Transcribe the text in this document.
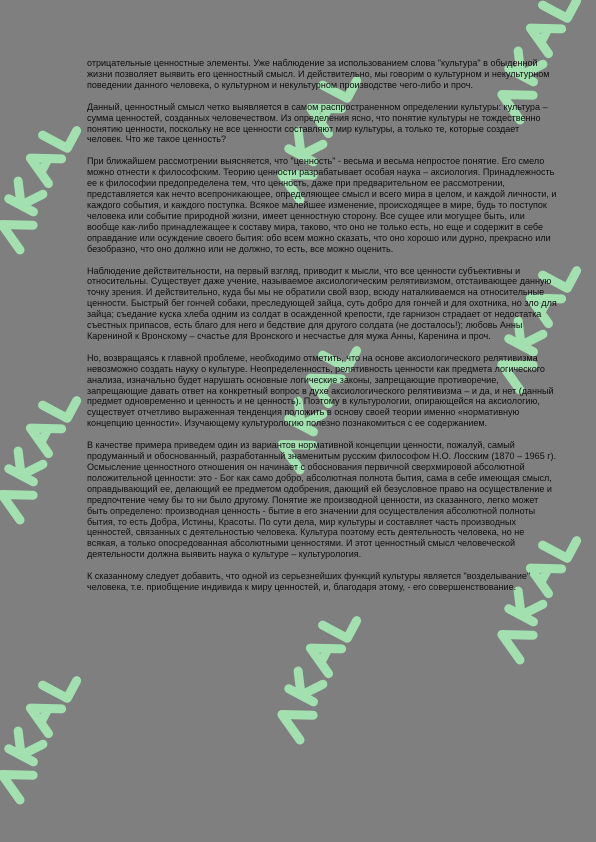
отрицательные ценностные элементы. Уже наблюдение за использованием слова "культура" в обыденной жизни позволяет выявить его ценностный смысл. И действительно, мы говорим о культурном и некультурном поведении данного человека, о культурном и некультурном производстве чего-либо и проч.

Данный, ценностный смысл четко выявляется в самом распространенном определении культуры: культура – сумма ценностей, созданных человечеством. Из определения ясно, что понятие культуры не тождественно понятию ценности, поскольку не все ценности составляют мир культуры, а только те, которые создает человек. Что же такое ценность?

При ближайшем рассмотрении выясняется, что "ценность" - весьма и весьма непростое понятие. Его смело можно отнести к философским. Теорию ценности разрабатывает особая наука – аксиология. Принадлежность ее к философии предопределена тем, что ценность, даже при предварительном ее рассмотрении, представляется как нечто всепроникающее, определяющее смысл и всего мира в целом, и каждой личности, и каждого события, и каждого поступка. Всякое малейшее изменение, происходящее в мире, будь то поступок человека или событие природной жизни, имеет ценностную сторону. Все сущее или могущее быть, или вообще как-либо принадлежащее к составу мира, таково, что оно не только есть, но еще и содержит в себе оправдание или осуждение своего бытия: обо всем можно сказать, что оно хорошо или дурно, прекрасно или безобразно, что оно должно или не должно, то есть, все можно оценить.

Наблюдение действительности, на первый взгляд, приводит к мысли, что все ценности субъективны и относительны. Существует даже учение, называемое аксиологическим релятивизмом, отстаивающее данную точку зрения. И действительно, куда бы мы не обратили свой взор, всюду наталкиваемся на относительные ценности. Быстрый бег гончей собаки, преследующей зайца, суть добро для гончей и для охотника, но зло для зайца; съедание куска хлеба одним из солдат в осажденной крепости, где гарнизон страдает от недостатка съестных припасов, есть благо для него и бедствие для другого солдата (не досталось!); любовь Анны Карениной к Вронскому – счастье для Вронского и несчастье для мужа Анны, Каренина и проч.

Но, возвращаясь к главной проблеме, необходимо отметить, что на основе аксиологического релятивизма невозможно создать науку о культуре. Неопределенность, релятивность ценности как предмета логического анализа, изначально будет нарушать основные логические законы, запрещающие противоречие, запрещающие давать ответ на конкретный вопрос в духе аксиологического релятивизма – и да, и нет (данный предмет одновременно и ценность и не ценность). Поэтому в культурологии, опирающейся на аксиологию, существует отчетливо выраженная тенденция положить в основу своей теории именно «нормативную концепцию ценности». Изучающему культурологию полезно познакомиться с ее содержанием.

В качестве примера приведем один из вариантов нормативной концепции ценности, пожалуй, самый продуманный и обоснованный, разработанный знаменитым русским философом Н.О. Лосским (1870 – 1965 г). Осмысление ценностного отношения он начинает с обоснования первичной сверхмировой абсолютной положительной ценности: это - Бог как само добро, абсолютная полнота бытия, сама в себе имеющая смысл, оправдывающий ее, делающий ее предметом одобрения, дающий ей безусловное право на осуществление и предпочтение чему бы то ни было другому. Понятие же производной ценности, из сказанного, легко может быть определено: производная ценность - бытие в его значении для осуществления абсолютной полноты бытия, то есть Добра, Истины, Красоты. По сути дела, мир культуры и составляет часть производных ценностей, связанных с деятельностью человека. Культура поэтому есть деятельность человека, но не всякая, а только опосредованная абсолютными ценностями. И этот ценностный смысл человеческой деятельности должна выявить наука о культуре – культурология.

К сказанному следует добавить, что одной из серьезнейших функций культуры является "возделывание" человека, т.е. приобщение индивида к миру ценностей, и, благодаря этому, - его совершенствование.
